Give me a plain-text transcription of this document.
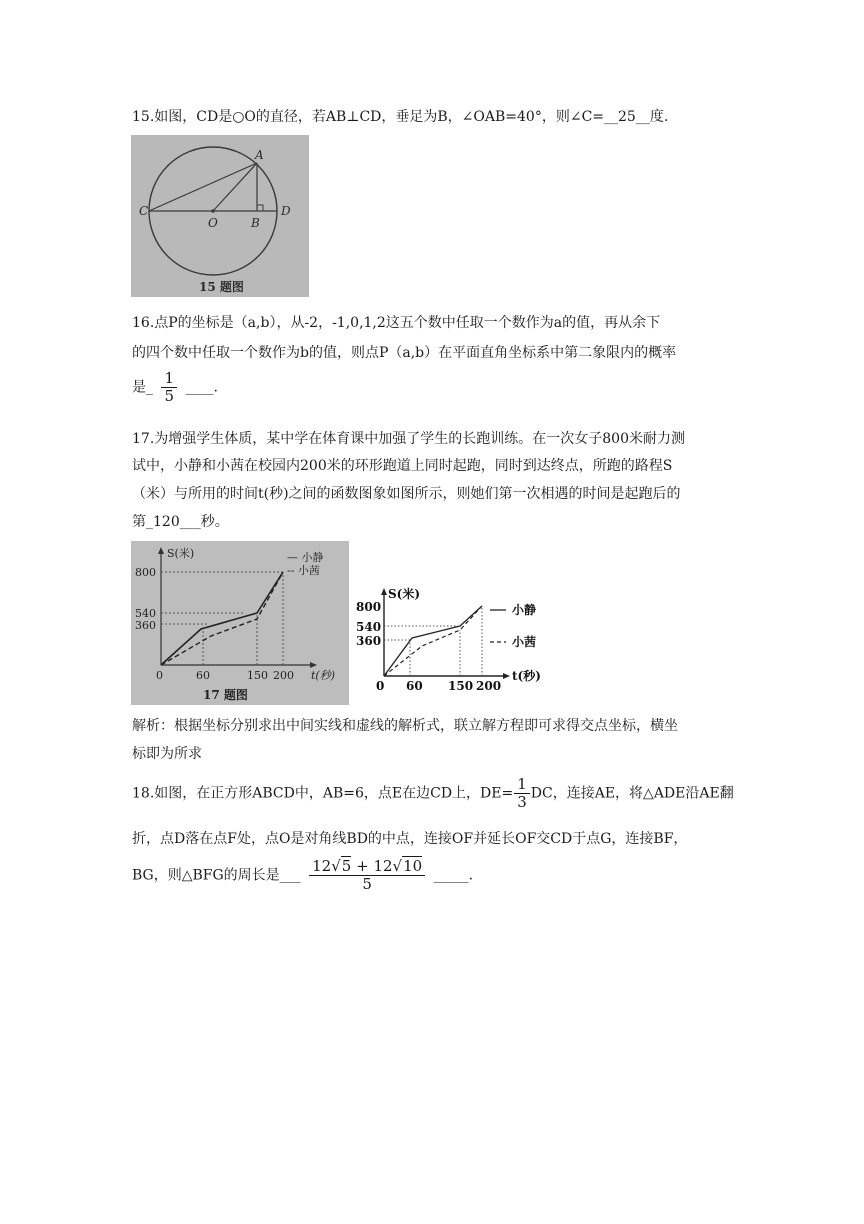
15.如图，CD是○O的直径，若AB⊥CD，垂足为B，∠OAB=40°，则∠C=__25__度.
A
C
O	B
D
15 题图
16.点P的坐标是（a,b），从-2，-1,0,1,2这五个数中任取一个数作为a的值，再从余下
的四个数中任取一个数作为b的值，则点P（a,b）在平面直角坐标系中第二象限内的概率
是_ $\frac{1}{5}$ ____.
17.为增强学生体质，某中学在体育课中加强了学生的长跑训练。在一次女子800米耐力测
试中，小静和小茜在校园内200米的环形跑道上同时起跑，同时到达终点，所跑的路程S
（米）与所用的时间t(秒)之间的函数图象如图所示，则她们第一次相遇的时间是起跑后的
第_120___秒。
800
540
360
0	60	150 200
S(米)
t(秒)
— 小静
-- 小茜
17 题图
800
540
360
0 60 150 200
S(米)
t(秒)
小静
小茜
解析：根据坐标分别求出中间实线和虚线的解析式，联立解方程即可求得交点坐标，横坐
标即为所求
18.如图，在正方形ABCD中，AB=6，点E在边CD上，$DE= \frac{1}{3}$ DC，连接AE，将△ADE沿AE翻
折，点D落在点F处，点O是对角线BD的中点，连接OF并延长OF交CD于点G，连接BF，
BG，则△BFG的周长是___ $\frac{12√5 + 12√10}{5}$ _____.
